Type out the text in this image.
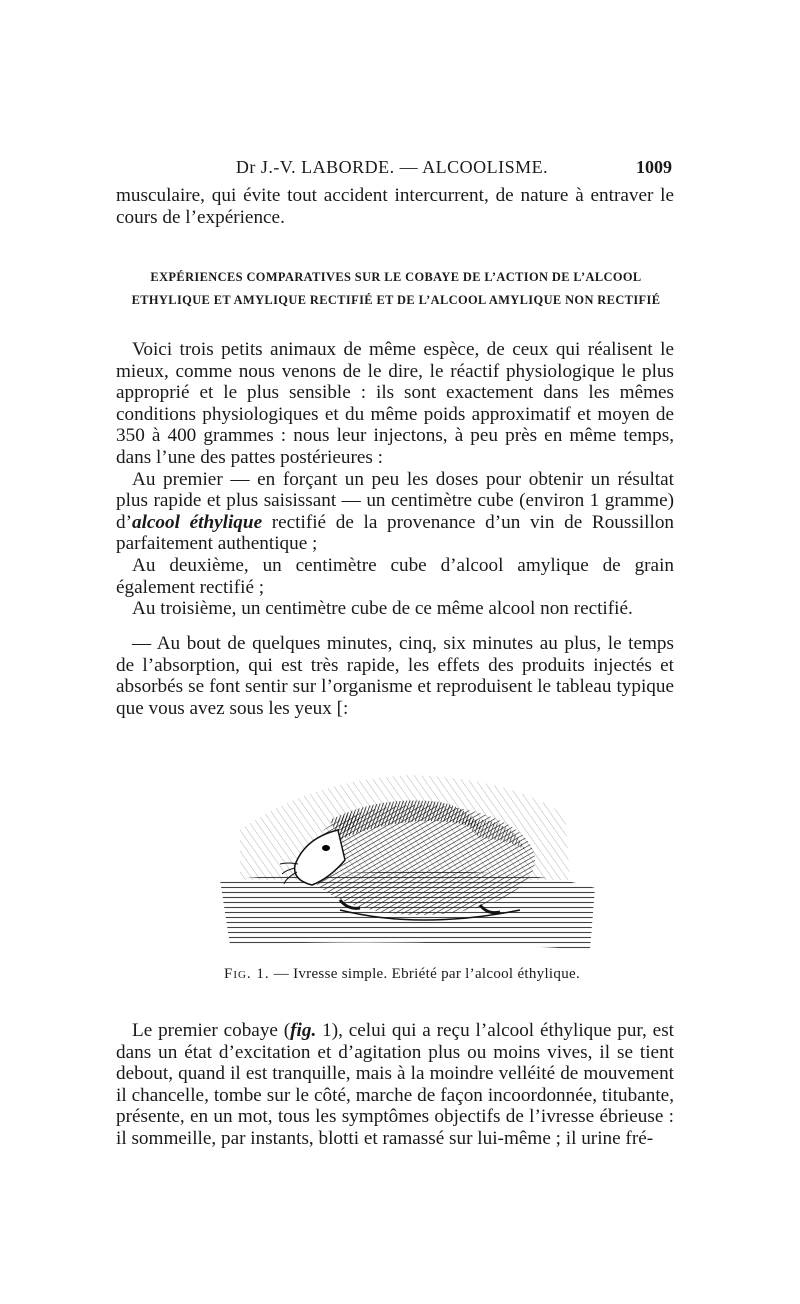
Dr J.-V. LABORDE. — ALCOOLISME.	1009

musculaire, qui évite tout accident intercurrent, de nature à entraver le cours de l’expérience.

EXPÉRIENCES COMPARATIVES SUR LE COBAYE DE L’ACTION DE L’ALCOOL
ETHYLIQUE ET AMYLIQUE RECTIFIÉ ET DE L’ALCOOL AMYLIQUE NON RECTIFIÉ

Voici trois petits animaux de même espèce, de ceux qui réalisent le mieux, comme nous venons de le dire, le réactif physiologique le plus approprié et le plus sensible : ils sont exactement dans les mêmes conditions physiologiques et du même poids approximatif et moyen de 350 à 400 grammes : nous leur injectons, à peu près en même temps, dans l’une des pattes postérieures :

Au premier — en forçant un peu les doses pour obtenir un résultat plus rapide et plus saisissant — un centimètre cube (environ 1 gramme) d’alcool éthylique rectifié de la provenance d’un vin de Roussillon parfaitement authentique ;

Au deuxième, un centimètre cube d’alcool amylique de grain également rectifié ;

Au troisième, un centimètre cube de ce même alcool non rectifié.

— Au bout de quelques minutes, cinq, six minutes au plus, le temps de l’absorption, qui est très rapide, les effets des produits injectés et absorbés se font sentir sur l’organisme et reproduisent le tableau typique que vous avez sous les yeux [:

Fig. 1. — Ivresse simple. Ebriété par l’alcool éthylique.

Le premier cobaye (fig. 1), celui qui a reçu l’alcool éthylique pur, est dans un état d’excitation et d’agitation plus ou moins vives, il se tient debout, quand il est tranquille, mais à la moindre velléité de mouvement il chancelle, tombe sur le côté, marche de façon incoordonnée, titubante, présente, en un mot, tous les symptômes objectifs de l’ivresse ébrieuse : il sommeille, par instants, blotti et ramassé sur lui-même ; il urine fré-
